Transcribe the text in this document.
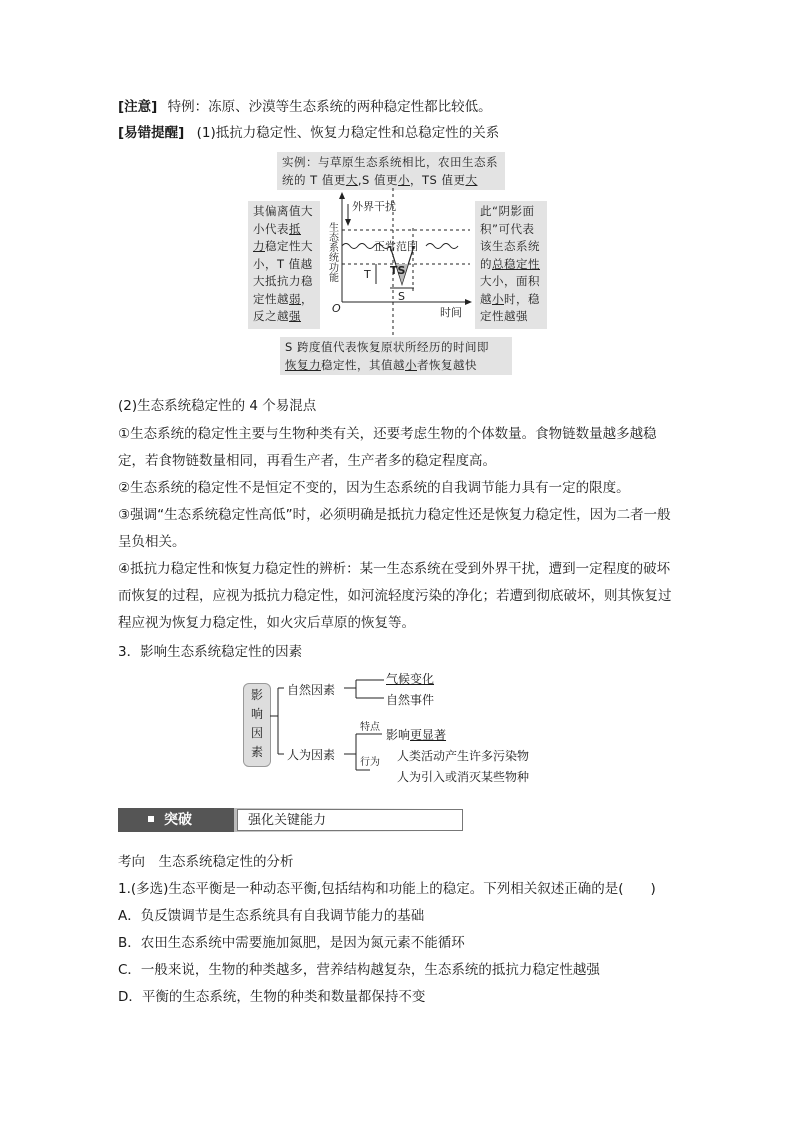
[注意] 特例：冻原、沙漠等生态系统的两种稳定性都比较低。
[易错提醒] (1)抵抗力稳定性、恢复力稳定性和总稳定性的关系
实例：与草原生态系统相比，农田生态系
统的 T 值更大,S 值更小，TS 值更大
其偏离值大
小代表抵
力稳定性大
小，T 值越
大抵抗力稳
定性越弱，
反之越强
此“阴影面
积”可代表
该生态系统
的总稳定性
大小，面积
越小时，稳
定性越强
S 跨度值代表恢复原状所经历的时间即
恢复力稳定性，其值越小者恢复越快
生态系统功能
外界干扰
正常范围
T TS
S
O	时间
(2)生态系统稳定性的 4 个易混点
①生态系统的稳定性主要与生物种类有关，还要考虑生物的个体数量。食物链数量越多越稳定，若食物链数量相同，再看生产者，生产者多的稳定程度高。
②生态系统的稳定性不是恒定不变的，因为生态系统的自我调节能力具有一定的限度。
③强调“生态系统稳定性高低”时，必须明确是抵抗力稳定性还是恢复力稳定性，因为二者一般呈负相关。
④抵抗力稳定性和恢复力稳定性的辨析：某一生态系统在受到外界干扰，遭到一定程度的破坏而恢复的过程，应视为抵抗力稳定性，如河流轻度污染的净化；若遭到彻底破坏，则其恢复过程应视为恢复力稳定性，如火灾后草原的恢复等。
3．影响生态系统稳定性的因素
影
响
因
素
自然因素
气候变化
自然事件
人为因素
特点
影响更显著
行为 人类活动产生许多污染物
人为引入或消灭某些物种
突破	强化关键能力
考向　生态系统稳定性的分析
1.(多选)生态平衡是一种动态平衡,包括结构和功能上的稳定。下列相关叙述正确的是(　　)
A．负反馈调节是生态系统具有自我调节能力的基础
B．农田生态系统中需要施加氮肥，是因为氮元素不能循环
C．一般来说，生物的种类越多，营养结构越复杂，生态系统的抵抗力稳定性越强
D．平衡的生态系统，生物的种类和数量都保持不变
